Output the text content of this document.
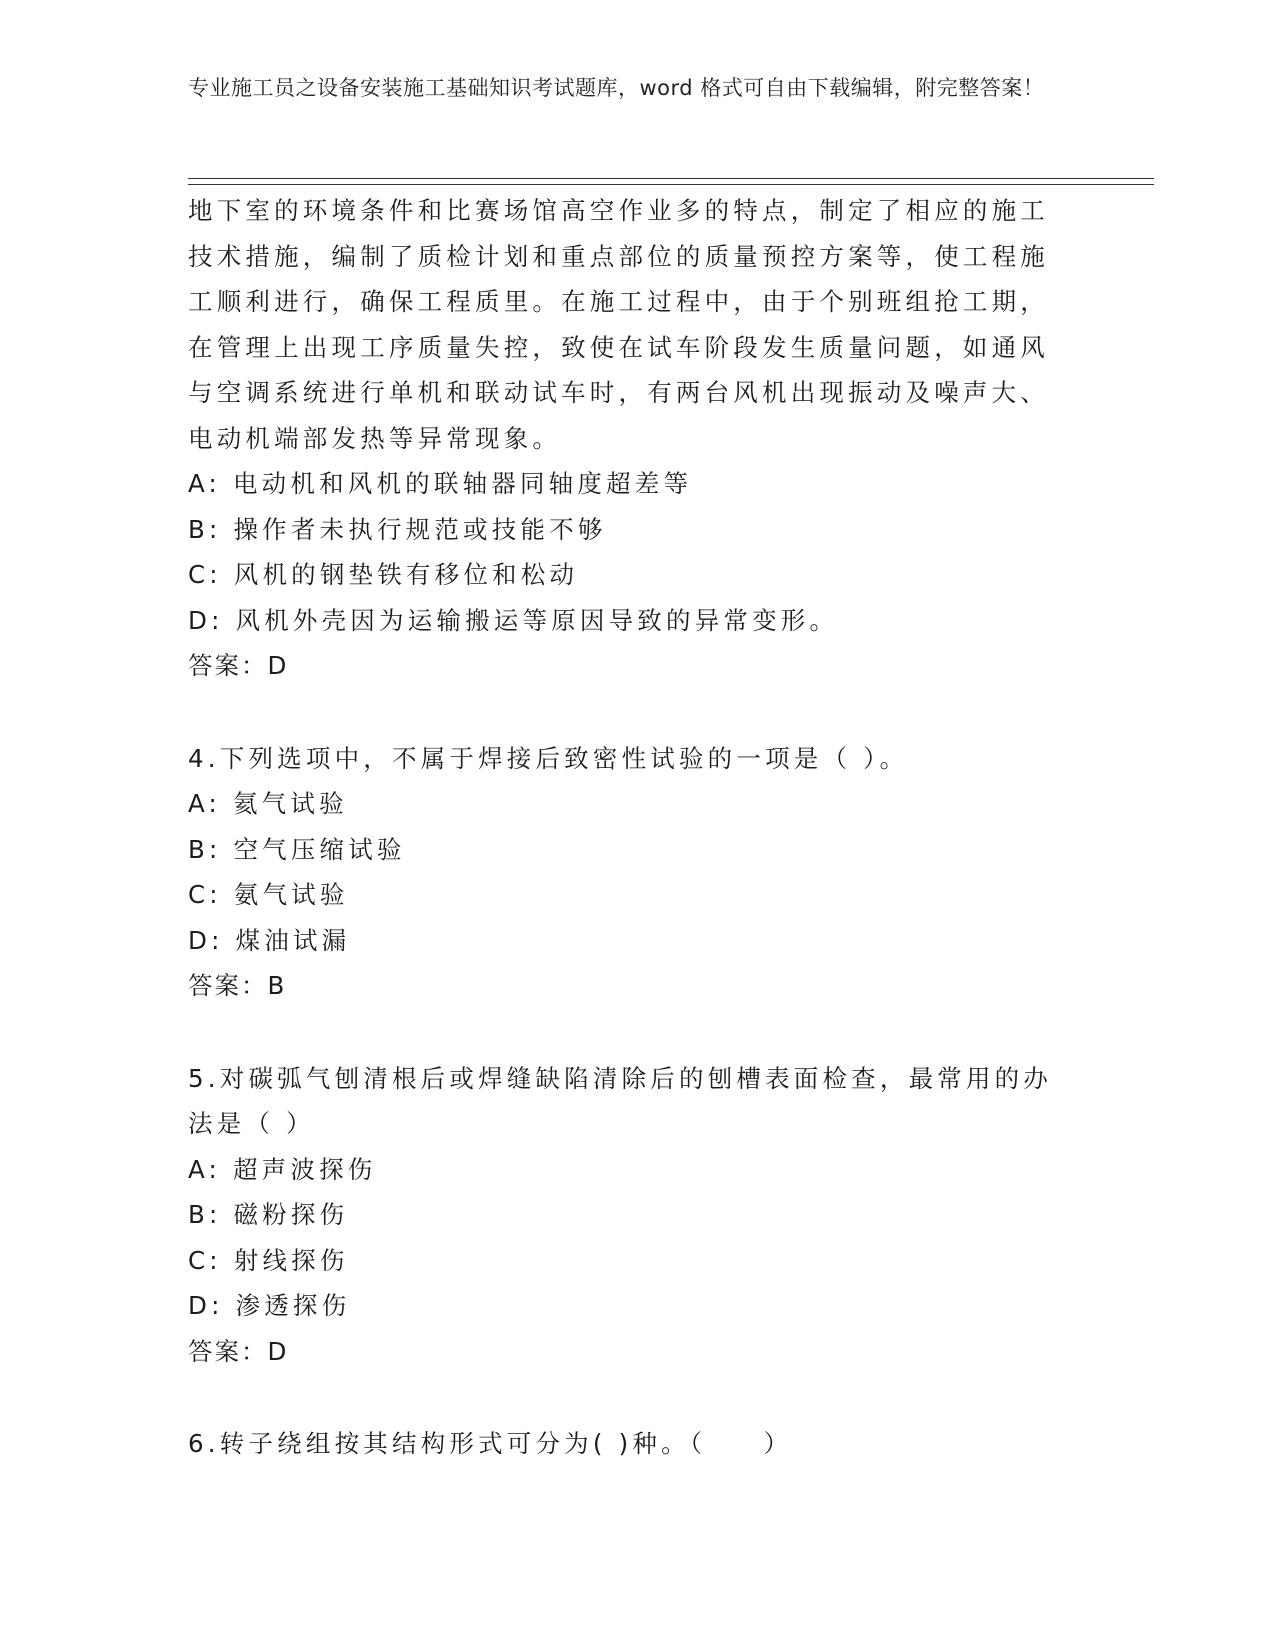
专业施工员之设备安装施工基础知识考试题库，word 格式可自由下载编辑，附完整答案！

地下室的环境条件和比赛场馆高空作业多的特点，制定了相应的施工技术措施，编制了质检计划和重点部位的质量预控方案等，使工程施工顺利进行，确保工程质里。在施工过程中，由于个别班组抢工期，在管理上出现工序质量失控，致使在试车阶段发生质量问题，如通风与空调系统进行单机和联动试车时，有两台风机出现振动及噪声大、电动机端部发热等异常现象。

A: 电动机和风机的联轴器同轴度超差等

B: 操作者未执行规范或技能不够

C: 风机的钢垫铁有移位和松动

D: 风机外壳因为运输搬运等原因导致的异常变形。

答案：D

4.下列选项中，不属于焊接后致密性试验的一项是（ ）。

A: 氦气试验

B: 空气压缩试验

C: 氨气试验

D: 煤油试漏

答案：B

5.对碳弧气刨清根后或焊缝缺陷清除后的刨槽表面检查，最常用的办法是（ ）

A: 超声波探伤

B: 磁粉探伤

C: 射线探伤

D: 渗透探伤

答案：D

6.转子绕组按其结构形式可分为( )种。（　　）
